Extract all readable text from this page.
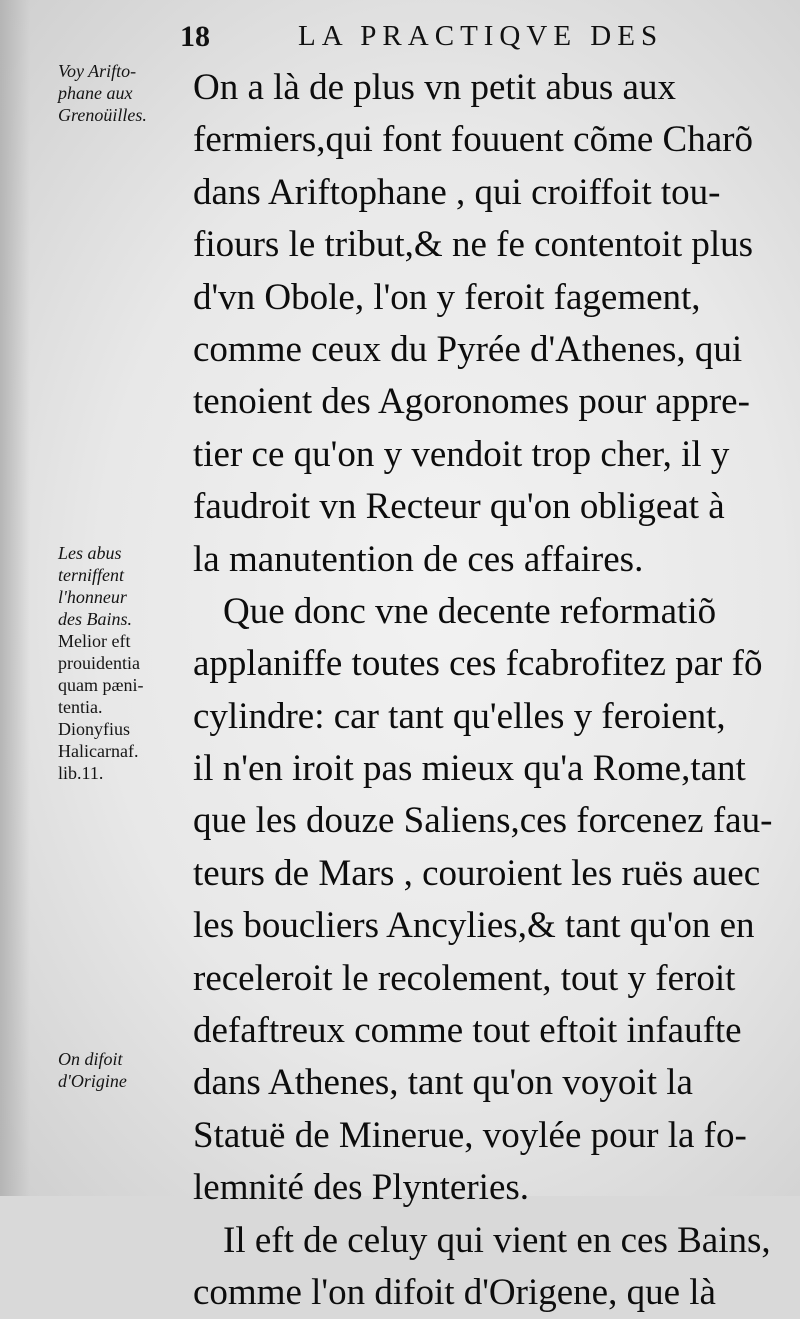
18	LA PRACTIQVE DES
On a là de plus vn petit abus aux
fermiers,qui font fouuent cõme Charõ
dans Ariftophane , qui croiffoit tou-
fiours le tribut,& ne fe contentoit plus
d'vn Obole, l'on y feroit fagement,
comme ceux du Pyrée d'Athenes, qui
tenoient des Agoronomes pour appre-
tier ce qu'on y vendoit trop cher, il y
faudroit vn Recteur qu'on obligeat à
la manutention de ces affaires.
Que donc vne decente reformatiõ
applaniffe toutes ces fcabrofitez par fõ
cylindre: car tant qu'elles y feroient,
il n'en iroit pas mieux qu'a Rome,tant
que les douze Saliens,ces forcenez fau-
teurs de Mars , couroient les ruës auec
les boucliers Ancylies,& tant qu'on en
receleroit le recolement, tout y feroit
defaftreux comme tout eftoit infaufte
dans Athenes, tant qu'on voyoit la
Statuë de Mineruе, voylée pour la fo-
lemnité des Plynteries.
Il eft de celuy qui vient en ces Bains,
comme l'on difoit d'Origene, que là
Voy Arifto-
phane aux
Grenoüilles.
Les abus
terniffent
l'honneur
des Bains.
Melior eft
prouidentia
quam pæni-
tentia.
Dionyfius
Halicarnaf.
lib.11.
On difoit
d'Origine
